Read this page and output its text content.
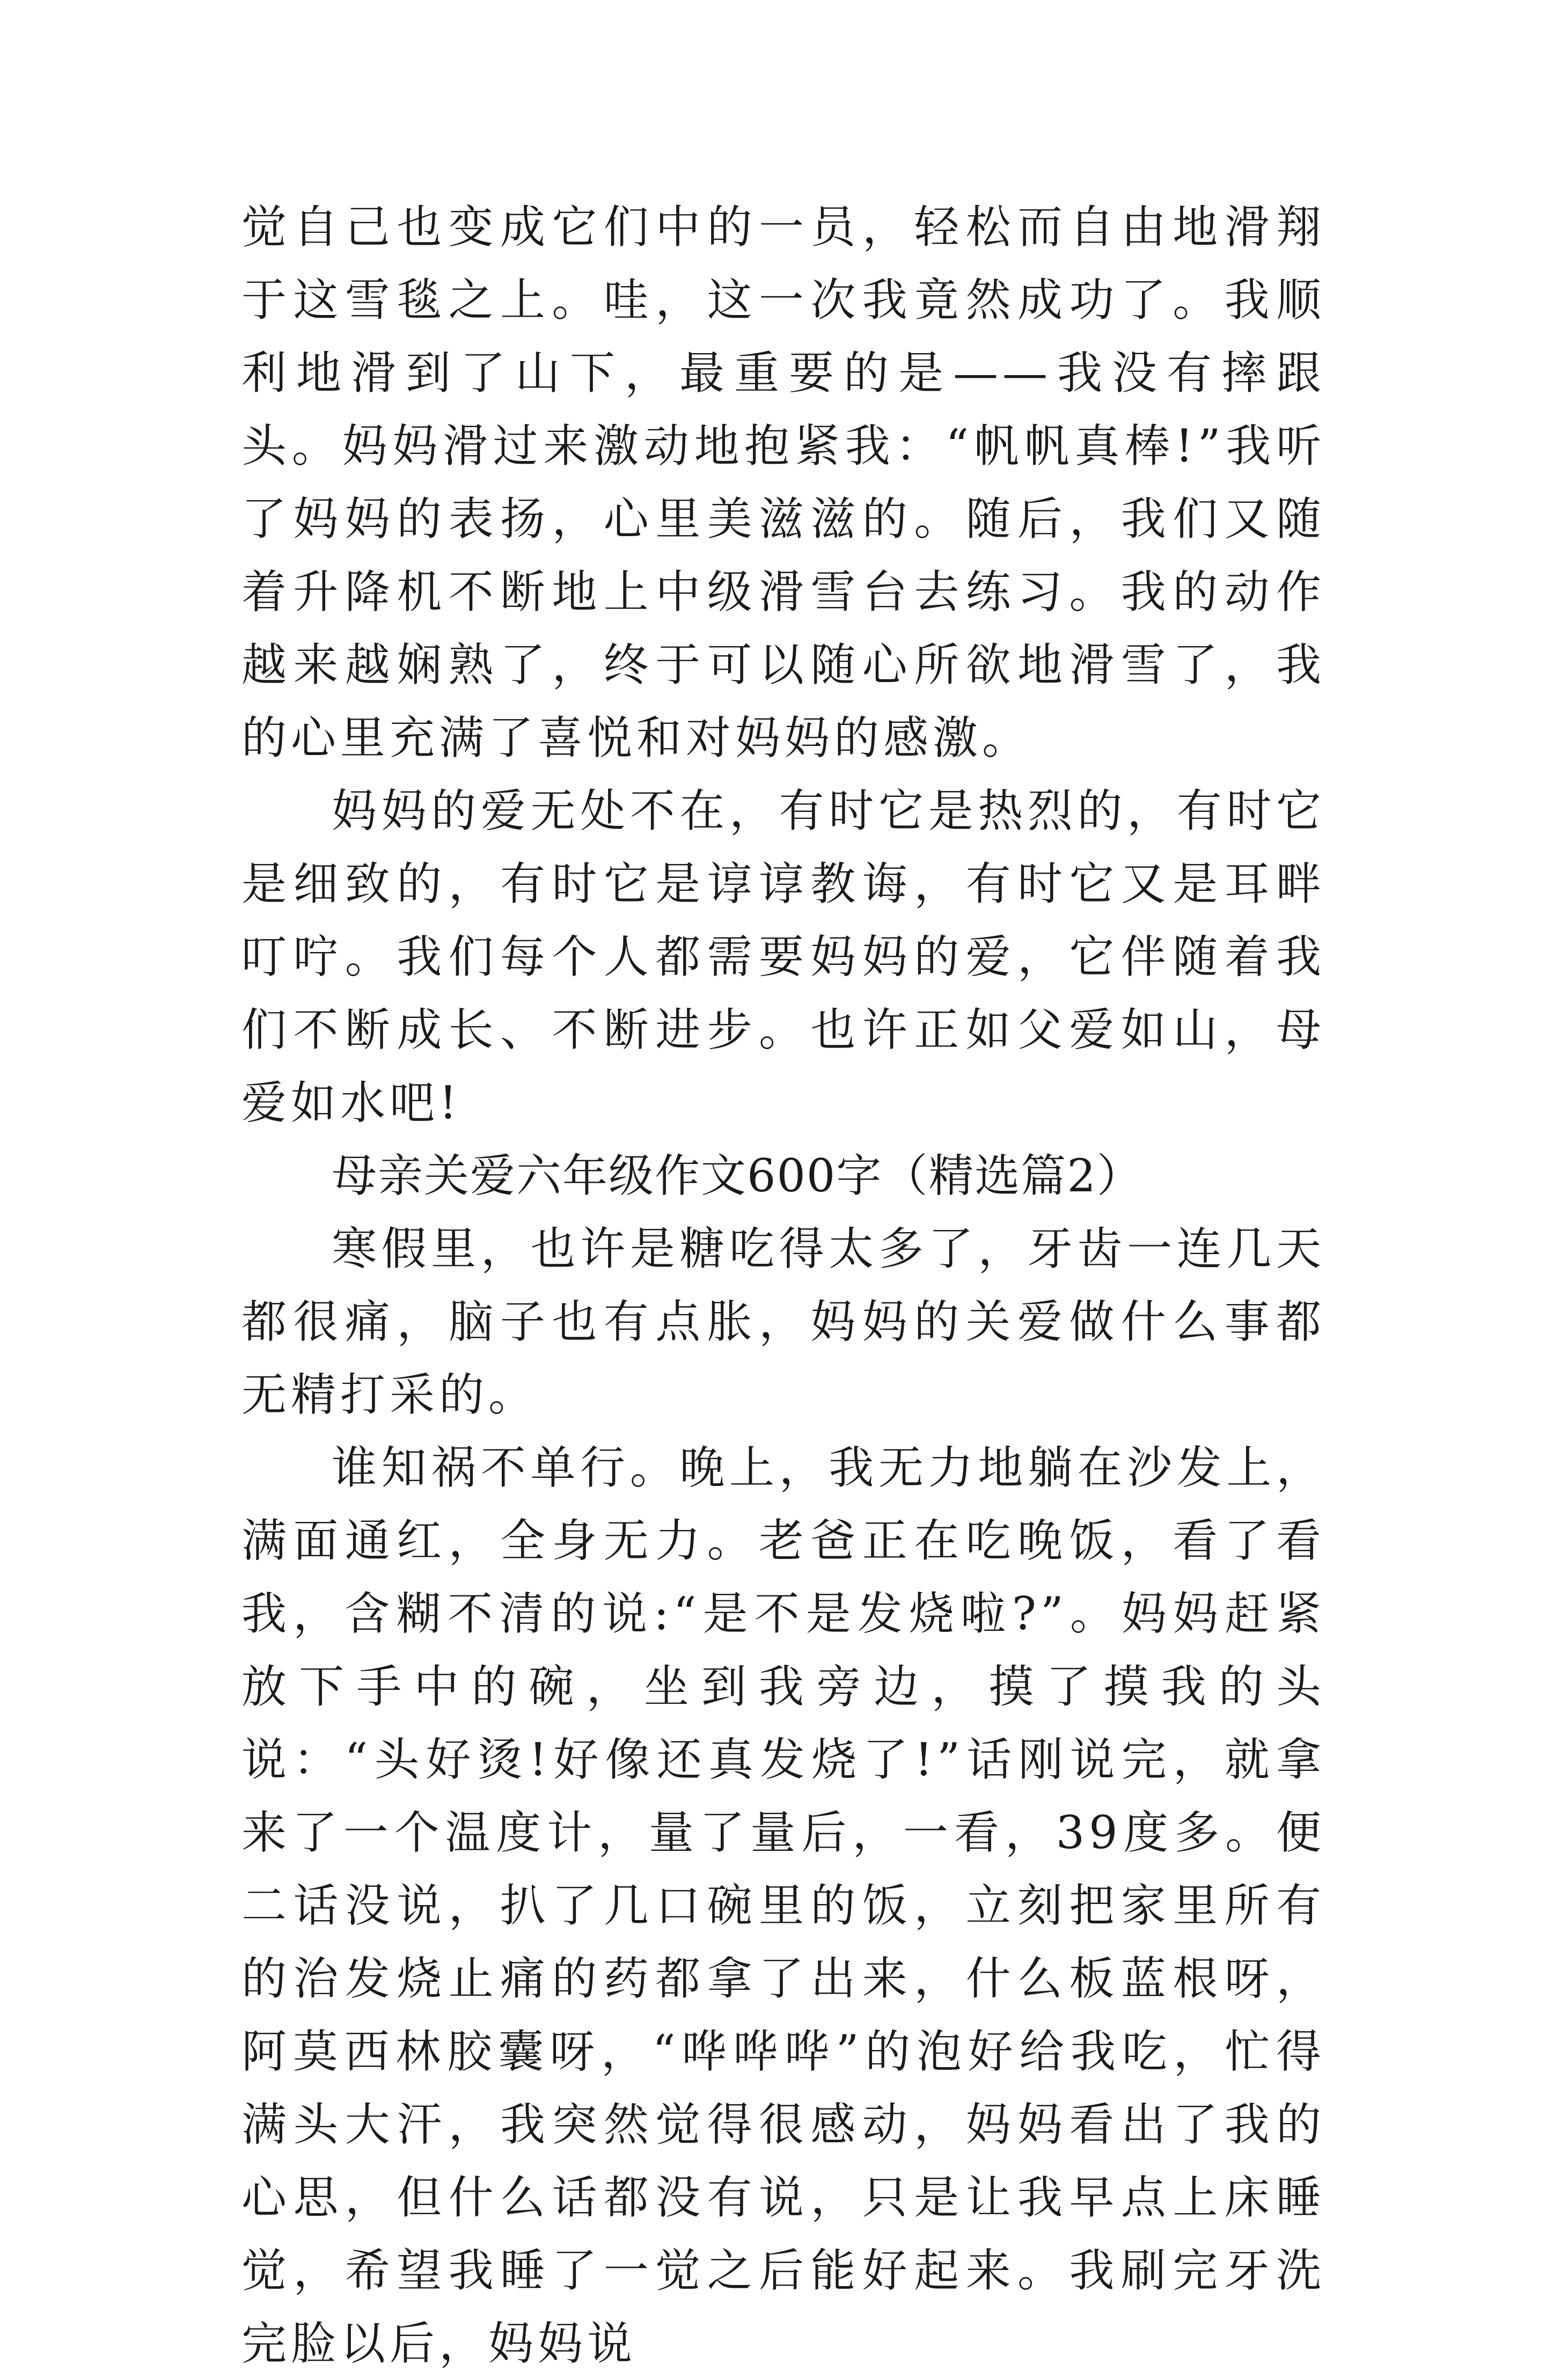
觉自己也变成它们中的一员，轻松而自由地滑翔于这雪毯之上。哇，这一次我竟然成功了。我顺利地滑到了山下，最重要的是——我没有摔跟头。妈妈滑过来激动地抱紧我：“帆帆真棒!”我听了妈妈的表扬，心里美滋滋的。随后，我们又随着升降机不断地上中级滑雪台去练习。我的动作越来越娴熟了，终于可以随心所欲地滑雪了，我的心里充满了喜悦和对妈妈的感激。

妈妈的爱无处不在，有时它是热烈的，有时它是细致的，有时它是谆谆教诲，有时它又是耳畔叮咛。我们每个人都需要妈妈的爱，它伴随着我们不断成长、不断进步。也许正如父爱如山，母爱如水吧!

母亲关爱六年级作文600字（精选篇2）

寒假里，也许是糖吃得太多了，牙齿一连几天都很痛，脑子也有点胀，妈妈的关爱做什么事都无精打采的。

谁知祸不单行。晚上，我无力地躺在沙发上，满面通红，全身无力。老爸正在吃晚饭，看了看我，含糊不清的说:“是不是发烧啦?”。妈妈赶紧放下手中的碗，坐到我旁边，摸了摸我的头说：“头好烫!好像还真发烧了!”话刚说完，就拿来了一个温度计，量了量后，一看，39度多。便二话没说，扒了几口碗里的饭，立刻把家里所有的治发烧止痛的药都拿了出来，什么板蓝根呀，阿莫西林胶囊呀，“哗哗哗”的泡好给我吃，忙得满头大汗，我突然觉得很感动，妈妈看出了我的心思，但什么话都没有说，只是让我早点上床睡觉，希望我睡了一觉之后能好起来。我刷完牙洗完脸以后，妈妈说
